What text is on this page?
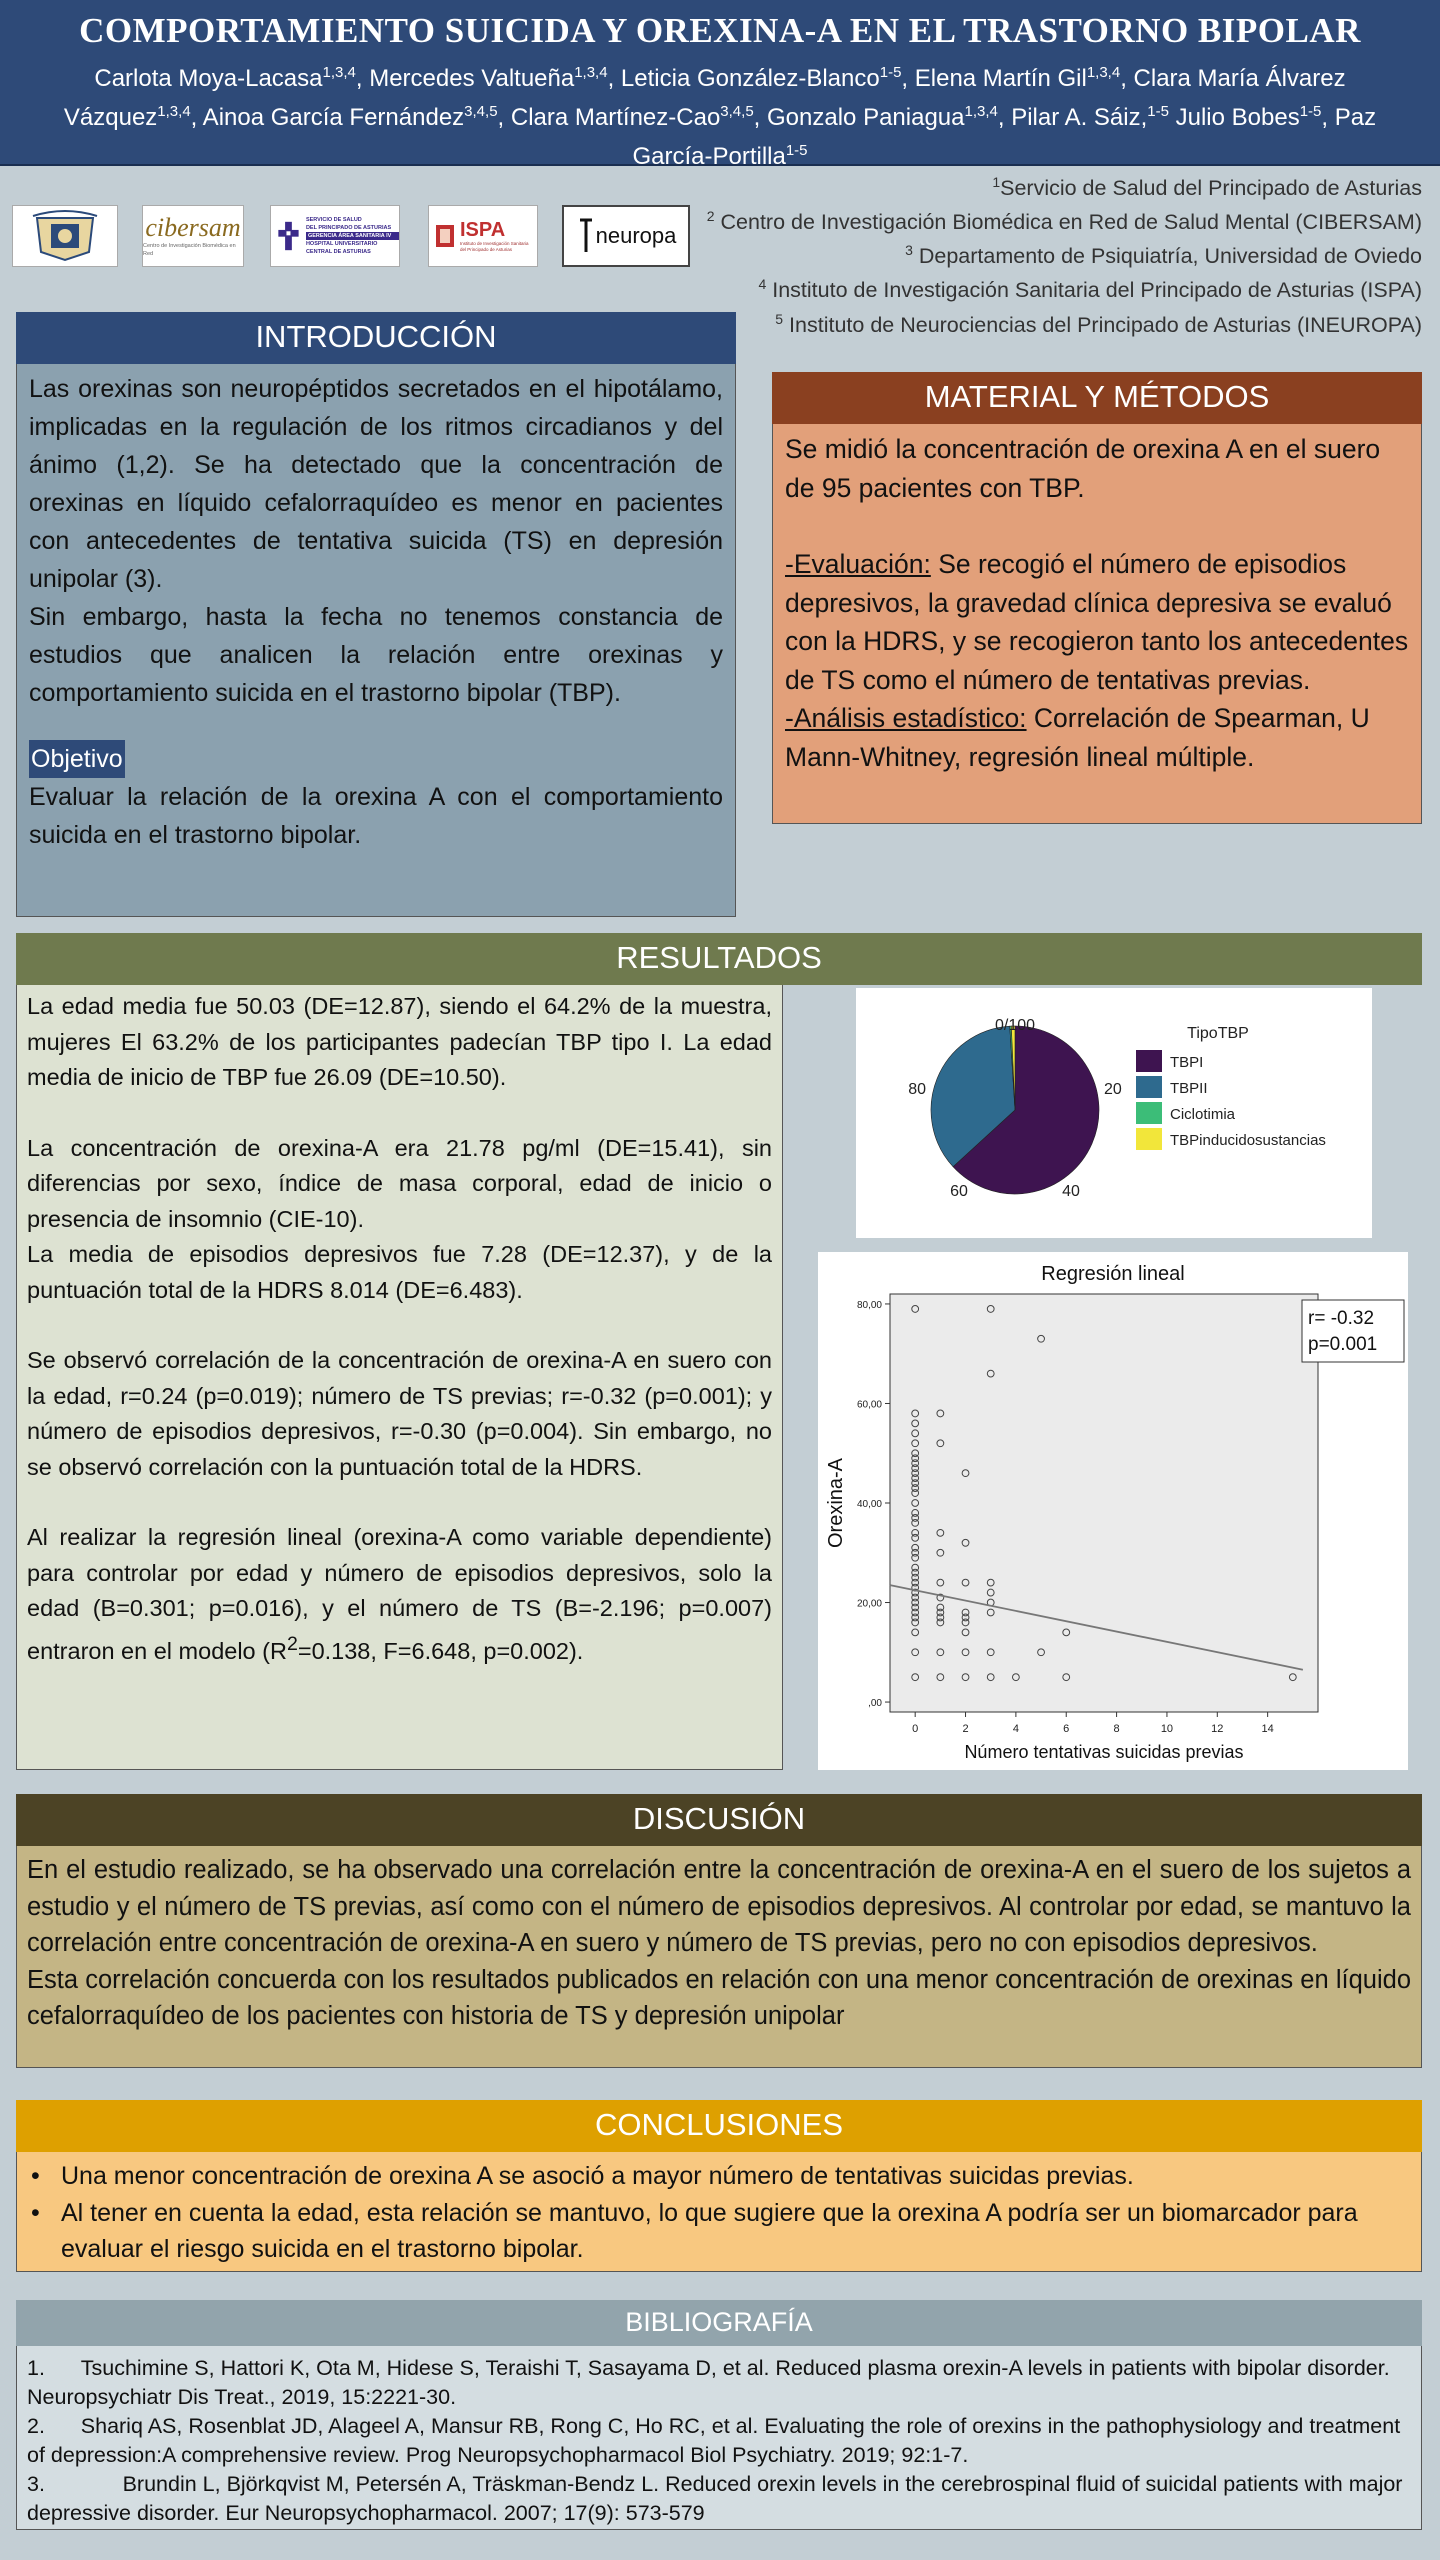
COMPORTAMIENTO SUICIDA Y OREXINA-A EN EL TRASTORNO BIPOLAR
Carlota Moya-Lacasa$^{1,3,4}$, Mercedes Valtueña$^{1,3,4}$, Leticia González-Blanco$^{1-5}$, Elena Martín Gil$^{1,3,4}$, Clara María Álvarez Vázquez$^{1,3,4}$, Ainoa García Fernández$^{3,4,5}$, Clara Martínez-Cao$^{3,4,5}$, Gonzalo Paniagua$^{1,3,4}$, Pilar A. Sáiz,$^{1-5}$ Julio Bobes$^{1-5}$, Paz García-Portilla$^{1-5}$
$^1$Servicio de Salud del Principado de Asturias
$^2$ Centro de Investigación Biomédica en Red de Salud Mental (CIBERSAM)
$^3$ Departamento de Psiquiatría, Universidad de Oviedo
$^4$ Instituto de Investigación Sanitaria del Principado de Asturias (ISPA)
$^5$ Instituto de Neurociencias del Principado de Asturias (INEUROPA)
cibersam
Centro de Investigación Biomédica en Red
SERVICIO DE SALUD
DEL PRINCIPADO DE ASTURIAS
GERENCIA ÁREA SANITARIA IV
HOSPITAL UNIVERSITARIO CENTRAL DE ASTURIAS
ISPA
Instituto de Investigación Sanitaria del Principado de Asturias
neuropa
INTRODUCCIÓN
Las orexinas son neuropéptidos secretados en el hipotálamo, implicadas en la regulación de los ritmos circadianos y del ánimo (1,2). Se ha detectado que la concentración de orexinas en líquido cefalorraquídeo es menor en pacientes con antecedentes de tentativa suicida (TS) en depresión unipolar (3).
Sin embargo, hasta la fecha no tenemos constancia de estudios que analicen la relación entre orexinas y comportamiento suicida en el trastorno bipolar (TBP).
Objetivo
Evaluar la relación de la orexina A con el comportamiento suicida en el trastorno bipolar.
MATERIAL Y MÉTODOS
Se midió la concentración de orexina A en el suero de 95 pacientes con TBP.
-Evaluación: Se recogió el número de episodios depresivos, la gravedad clínica depresiva se evaluó con la HDRS, y se recogieron tanto los antecedentes de TS como el número de tentativas previas.
-Análisis estadístico: Correlación de Spearman, U Mann-Whitney, regresión lineal múltiple.
RESULTADOS
La edad media fue 50.03 (DE=12.87), siendo el 64.2% de la muestra, mujeres El 63.2% de los participantes padecían TBP tipo I. La edad media de inicio de TBP fue 26.09 (DE=10.50).
La concentración de orexina-A era 21.78 pg/ml (DE=15.41), sin diferencias por sexo, índice de masa corporal, edad de inicio o presencia de insomnio (CIE-10).
La media de episodios depresivos fue 7.28 (DE=12.37), y de la puntuación total de la HDRS 8.014 (DE=6.483).
Se observó correlación de la concentración de orexina-A en suero con la edad, r=0.24 (p=0.019); número de TS previas; r=-0.32 (p=0.001); y número de episodios depresivos, r=-0.30 (p=0.004). Sin embargo, no se observó correlación con la puntuación total de la HDRS.
Al realizar la regresión lineal (orexina-A como variable dependiente) para controlar por edad y número de episodios depresivos, solo la edad (B=0.301; p=0.016), y el número de TS (B=-2.196; p=0.007) entraron en el modelo ($R^2=0.138$, F=6.648, p=0.002).
0/100
20
40
60
80
TipoTBP
TBPI
TBPII
Ciclotimia
TBPinducidosustancias
Regresión lineal
,00
20,00
40,00
60,00
80,00
0	2	4	6	8	10	12	14
Número tentativas suicidas previas
Orexina-A
r= -0.32
p=0.001
DISCUSIÓN
En el estudio realizado, se ha observado una correlación entre la concentración de orexina-A en el suero de los sujetos a estudio y el número de TS previas, así como con el número de episodios depresivos. Al controlar por edad, se mantuvo la correlación entre concentración de orexina-A en suero y número de TS previas, pero no con episodios depresivos.
Esta correlación concuerda con los resultados publicados en relación con una menor concentración de orexinas en líquido cefalorraquídeo de los pacientes con historia de TS y depresión unipolar
CONCLUSIONES
• Una menor concentración de orexina A se asoció a mayor número de tentativas suicidas previas.
• Al tener en cuenta la edad, esta relación se mantuvo, lo que sugiere que la orexina A podría ser un biomarcador para evaluar el riesgo suicida en el trastorno bipolar.
BIBLIOGRAFÍA
1.      Tsuchimine S, Hattori K, Ota M, Hidese S, Teraishi T, Sasayama D, et al. Reduced plasma orexin-A levels in patients with bipolar disorder. Neuropsychiatr Dis Treat., 2019, 15:2221-30.
2.      Shariq AS, Rosenblat JD, Alageel A, Mansur RB, Rong C, Ho RC, et al. Evaluating the role of orexins in the pathophysiology and treatment of depression:A comprehensive review. Prog Neuropsychopharmacol Biol Psychiatry. 2019; 92:1-7.
3.             Brundin L, Björkqvist M, Petersén A, Träskman-Bendz L. Reduced orexin levels in the cerebrospinal fluid of suicidal patients with major depressive disorder. Eur Neuropsychopharmacol. 2007; 17(9): 573-579
